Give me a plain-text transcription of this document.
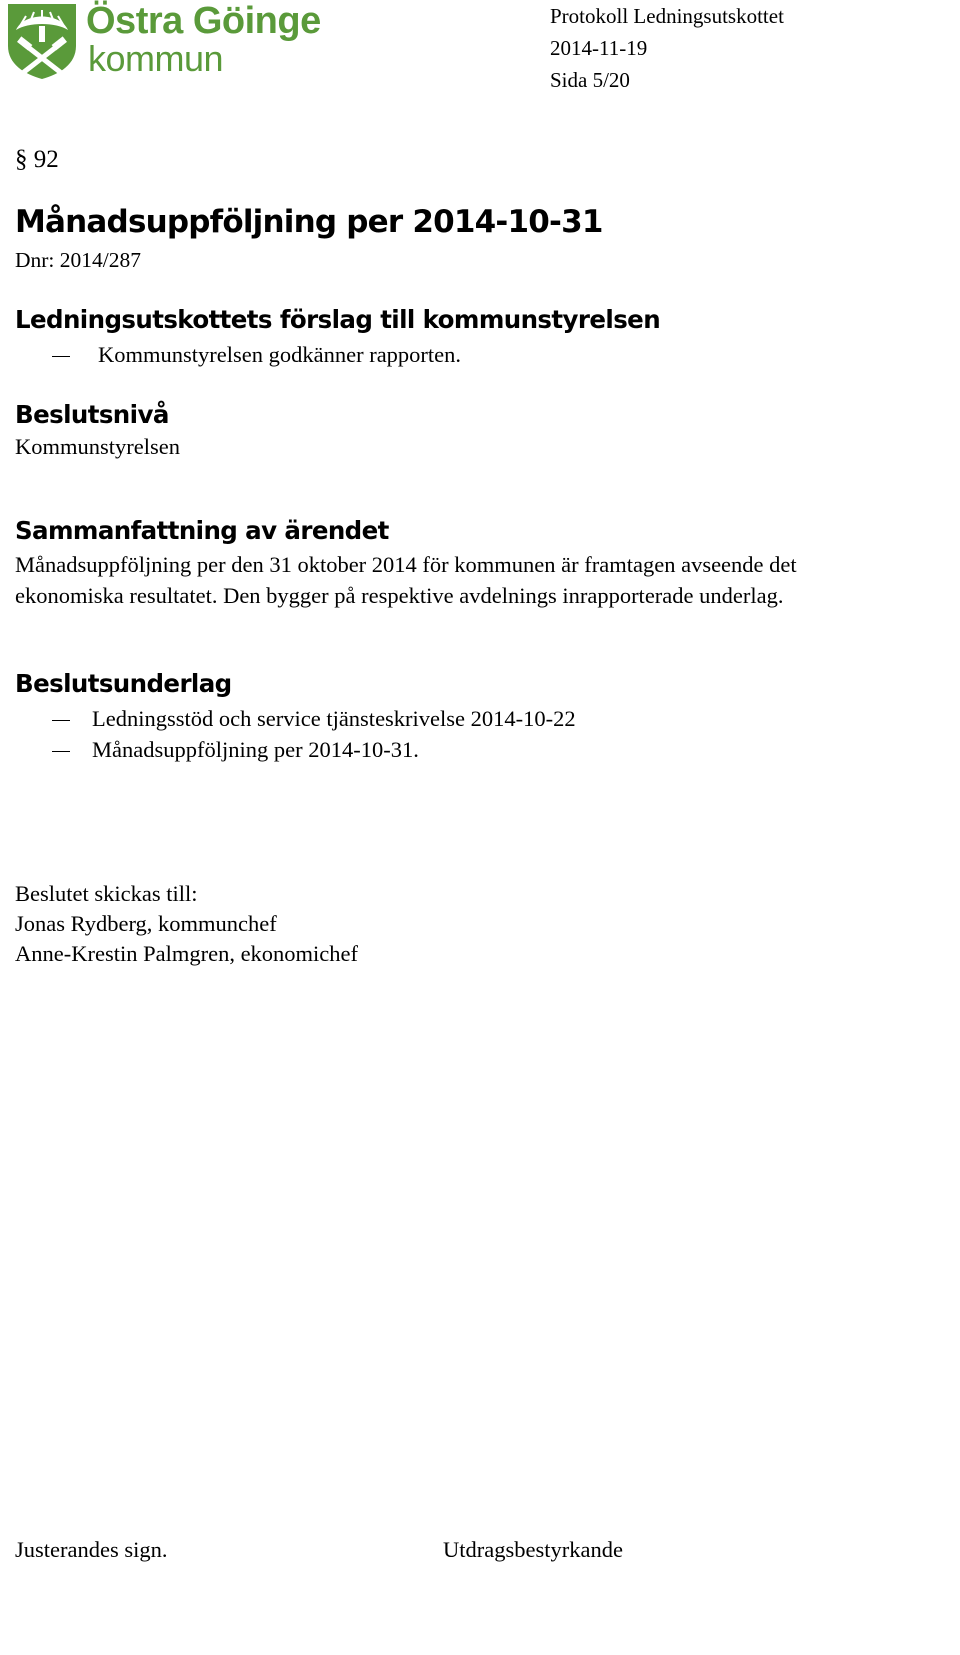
Östra Göinge
kommun
Protokoll Ledningsutskottet
2014-11-19
Sida 5/20
§ 92
Månadsuppföljning per 2014-10-31
Dnr: 2014/287
Ledningsutskottets förslag till kommunstyrelsen
Kommunstyrelsen godkänner rapporten.
Beslutsnivå
Kommunstyrelsen
Sammanfattning av ärendet
Månadsuppföljning per den 31 oktober 2014 för kommunen är framtagen avseende det
ekonomiska resultatet. Den bygger på respektive avdelnings inrapporterade underlag.
Beslutsunderlag
Ledningsstöd och service tjänsteskrivelse 2014-10-22
Månadsuppföljning per 2014-10-31.
Beslutet skickas till:
Jonas Rydberg, kommunchef
Anne-Krestin Palmgren, ekonomichef
Justerandes sign.	Utdragsbestyrkande
